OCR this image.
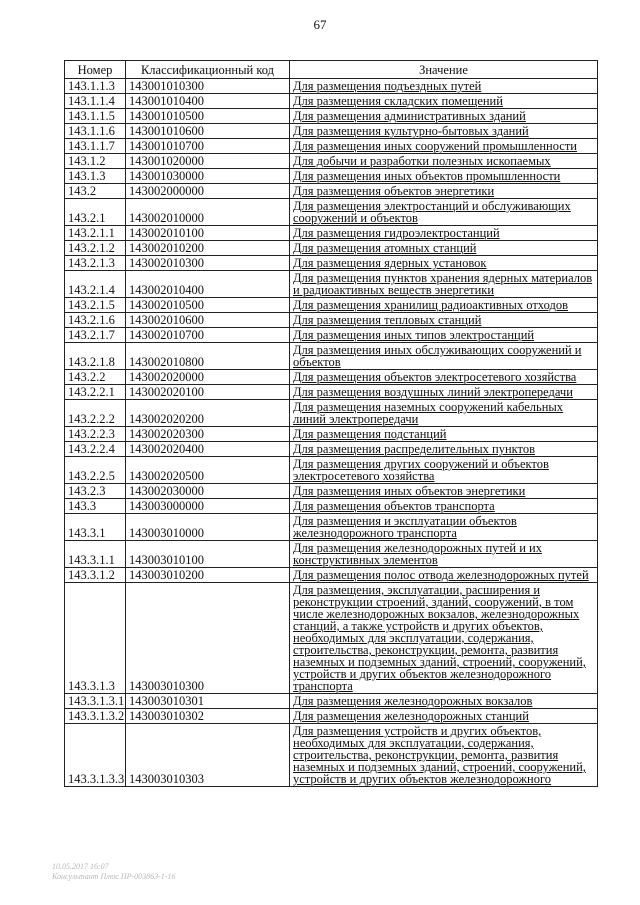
67
Номер	Классификационный код	Значение
143.1.1.3	143001010300	Для размещения подъездных путей
143.1.1.4	143001010400	Для размещения складских помещений
143.1.1.5	143001010500	Для размещения административных зданий
143.1.1.6	143001010600	Для размещения культурно-бытовых зданий
143.1.1.7	143001010700	Для размещения иных сооружений промышленности
143.1.2	143001020000	Для добычи и разработки полезных ископаемых
143.1.3	143001030000	Для размещения иных объектов промышленности
143.2	143002000000	Для размещения объектов энергетики
143.2.1	143002010000	Для размещения электростанций и обслуживающих сооружений и объектов
143.2.1.1	143002010100	Для размещения гидроэлектростанций
143.2.1.2	143002010200	Для размещения атомных станций
143.2.1.3	143002010300	Для размещения ядерных установок
143.2.1.4	143002010400	Для размещения пунктов хранения ядерных материалов и радиоактивных веществ энергетики
143.2.1.5	143002010500	Для размещения хранилищ радиоактивных отходов
143.2.1.6	143002010600	Для размещения тепловых станций
143.2.1.7	143002010700	Для размещения иных типов электростанций
143.2.1.8	143002010800	Для размещения иных обслуживающих сооружений и объектов
143.2.2	143002020000	Для размещения объектов электросетевого хозяйства
143.2.2.1	143002020100	Для размещения воздушных линий электропередачи
143.2.2.2	143002020200	Для размещения наземных сооружений кабельных линий электропередачи
143.2.2.3	143002020300	Для размещения подстанций
143.2.2.4	143002020400	Для размещения распределительных пунктов
143.2.2.5	143002020500	Для размещения других сооружений и объектов электросетевого хозяйства
143.2.3	143002030000	Для размещения иных объектов энергетики
143.3	143003000000	Для размещения объектов транспорта
143.3.1	143003010000	Для размещения и эксплуатации объектов железнодорожного транспорта
143.3.1.1	143003010100	Для размещения железнодорожных путей и их конструктивных элементов
143.3.1.2	143003010200	Для размещения полос отвода железнодорожных путей
143.3.1.3	143003010300	Для размещения, эксплуатации, расширения и реконструкции строений, зданий, сооружений, в том числе железнодорожных вокзалов, железнодорожных станций, а также устройств и других объектов, необходимых для эксплуатации, содержания, строительства, реконструкции, ремонта, развития наземных и подземных зданий, строений, сооружений, устройств и других объектов железнодорожного транспорта
143.3.1.3.1	143003010301	Для размещения железнодорожных вокзалов
143.3.1.3.2	143003010302	Для размещения железнодорожных станций
143.3.1.3.3	143003010303	Для размещения устройств и других объектов, необходимых для эксплуатации, содержания, строительства, реконструкции, ремонта, развития наземных и подземных зданий, строений, сооружений, устройств и других объектов железнодорожного
10.05.2017 16:07
Консультант Плюс ПР-003863-1-16
